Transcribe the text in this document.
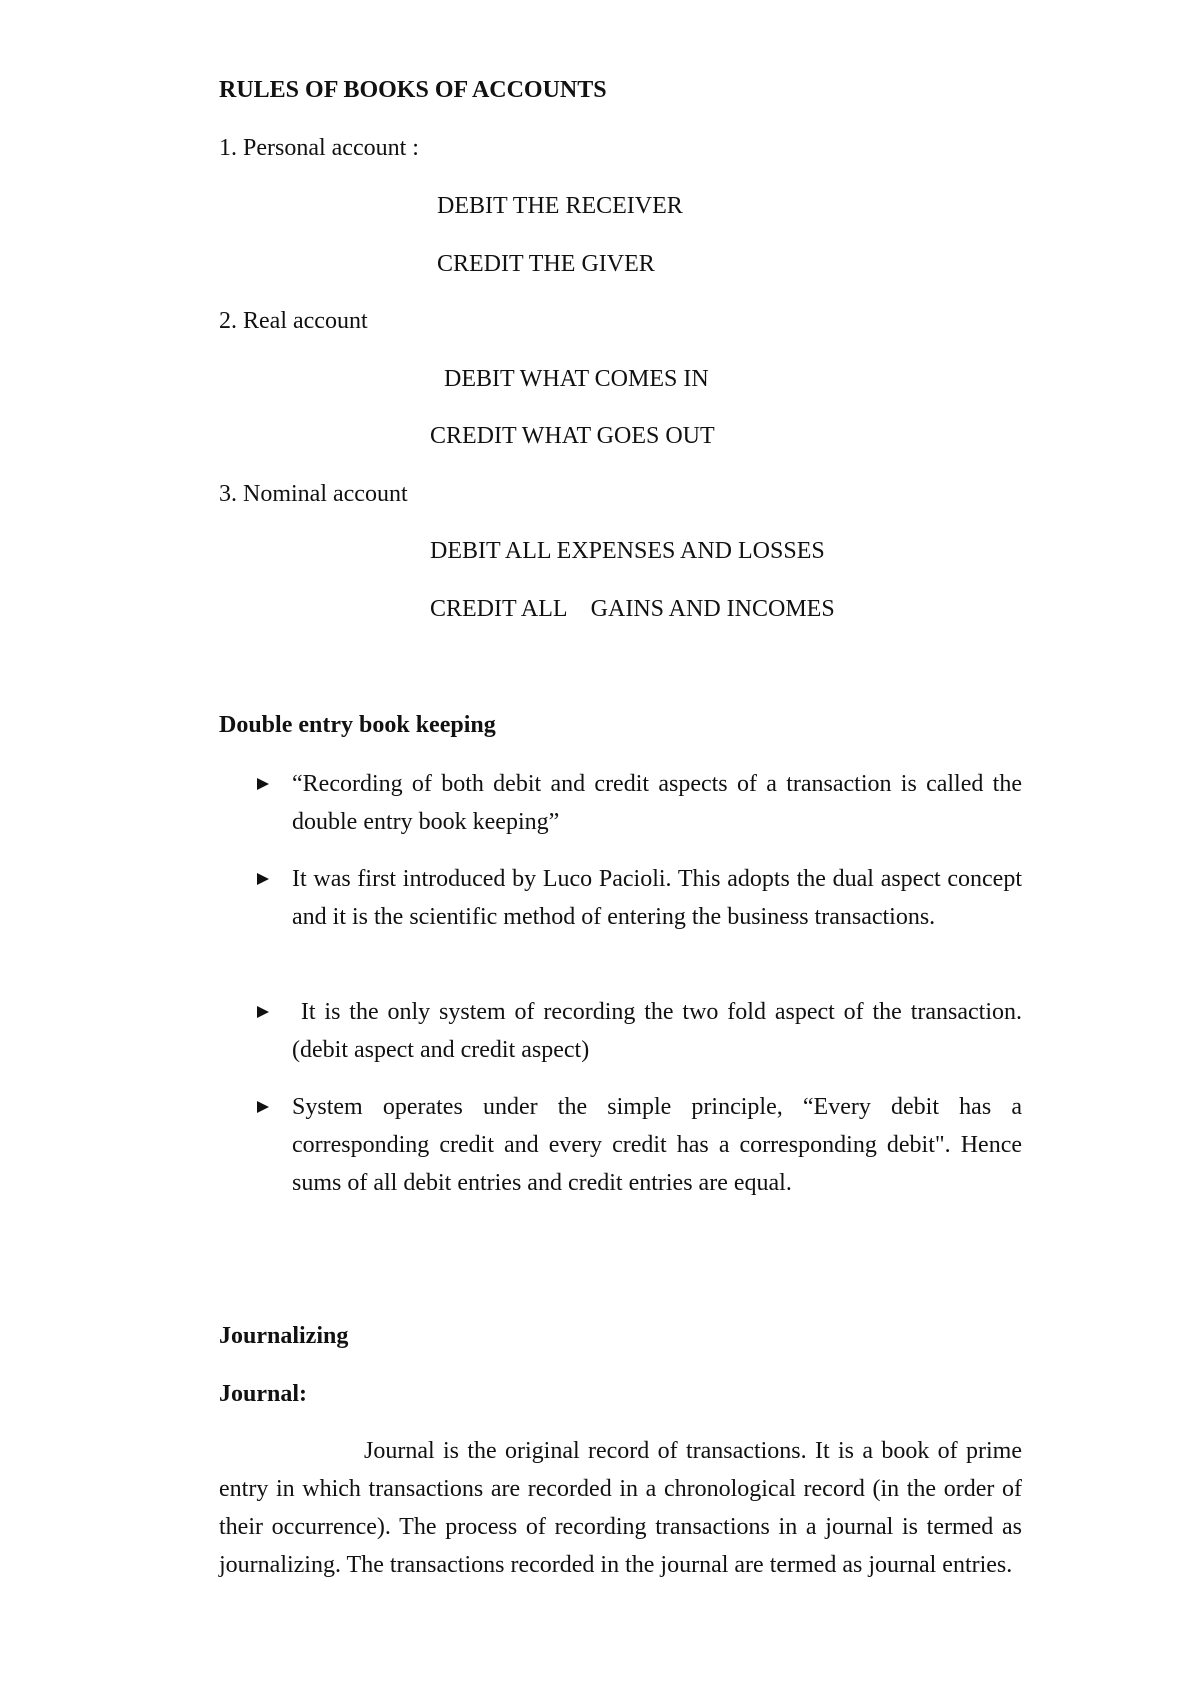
RULES OF BOOKS OF ACCOUNTS
1. Personal account :
DEBIT THE RECEIVER
CREDIT THE GIVER
2. Real account
DEBIT WHAT COMES IN
CREDIT WHAT GOES OUT
3. Nominal account
DEBIT ALL EXPENSES AND LOSSES
CREDIT ALL    GAINS AND INCOMES
Double entry book keeping
“Recording of both debit and credit aspects of a transaction is called the double entry book keeping”
It was first introduced by Luco Pacioli. This adopts the dual aspect concept and it is the scientific method of entering the business transactions.
It is the only system of recording the two fold aspect of the transaction. (debit aspect and credit aspect)
System operates under the simple principle, “Every debit has a corresponding credit and every credit has a corresponding debit". Hence sums of all debit entries and credit entries are equal.
Journalizing
Journal:
Journal is the original record of transactions. It is a book of prime entry in which transactions are recorded in a chronological record (in the order of their occurrence). The process of recording transactions in a journal is termed as journalizing. The transactions recorded in the journal are termed as journal entries.
